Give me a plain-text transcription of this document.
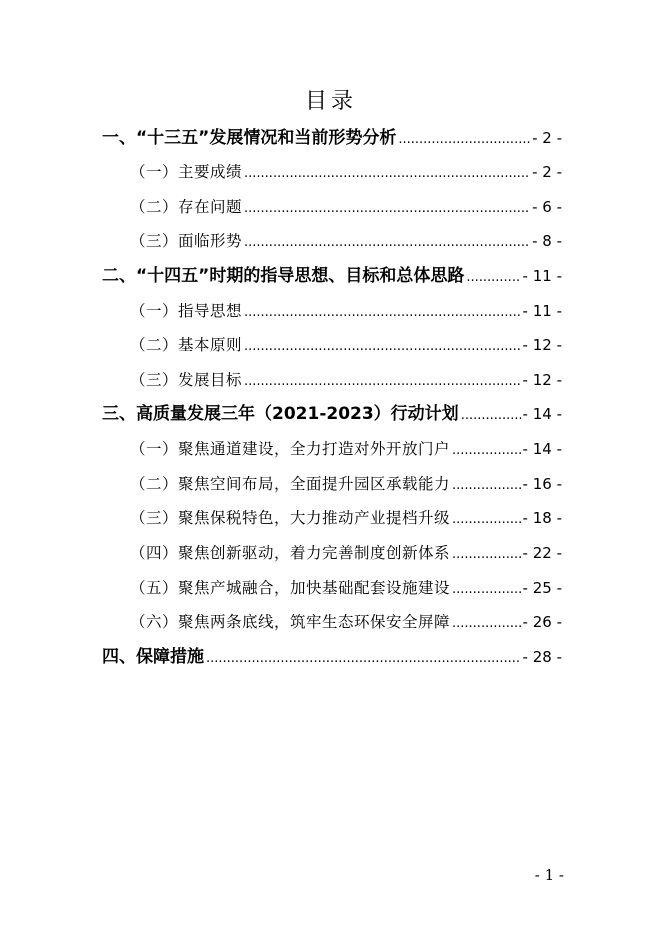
目录
一、“十三五”发展情况和当前形势分析 .....	- 2 -
（一）主要成绩 .....	- 2 -
（二）存在问题 .....	- 6 -
（三）面临形势 .....	- 8 -
二、“十四五”时期的指导思想、目标和总体思路 .....	- 11 -
（一）指导思想 .....	- 11 -
（二）基本原则 .....	- 12 -
（三）发展目标 .....	- 12 -
三、高质量发展三年（2021-2023）行动计划 .....	- 14 -
（一）聚焦通道建设，全力打造对外开放门户 .....	- 14 -
（二）聚焦空间布局，全面提升园区承载能力 .....	- 16 -
（三）聚焦保税特色，大力推动产业提档升级 .....	- 18 -
（四）聚焦创新驱动，着力完善制度创新体系 .....	- 22 -
（五）聚焦产城融合，加快基础配套设施建设 .....	- 25 -
（六）聚焦两条底线，筑牢生态环保安全屏障 .....	- 26 -
四、保障措施 .....	- 28 -
- 1 -
